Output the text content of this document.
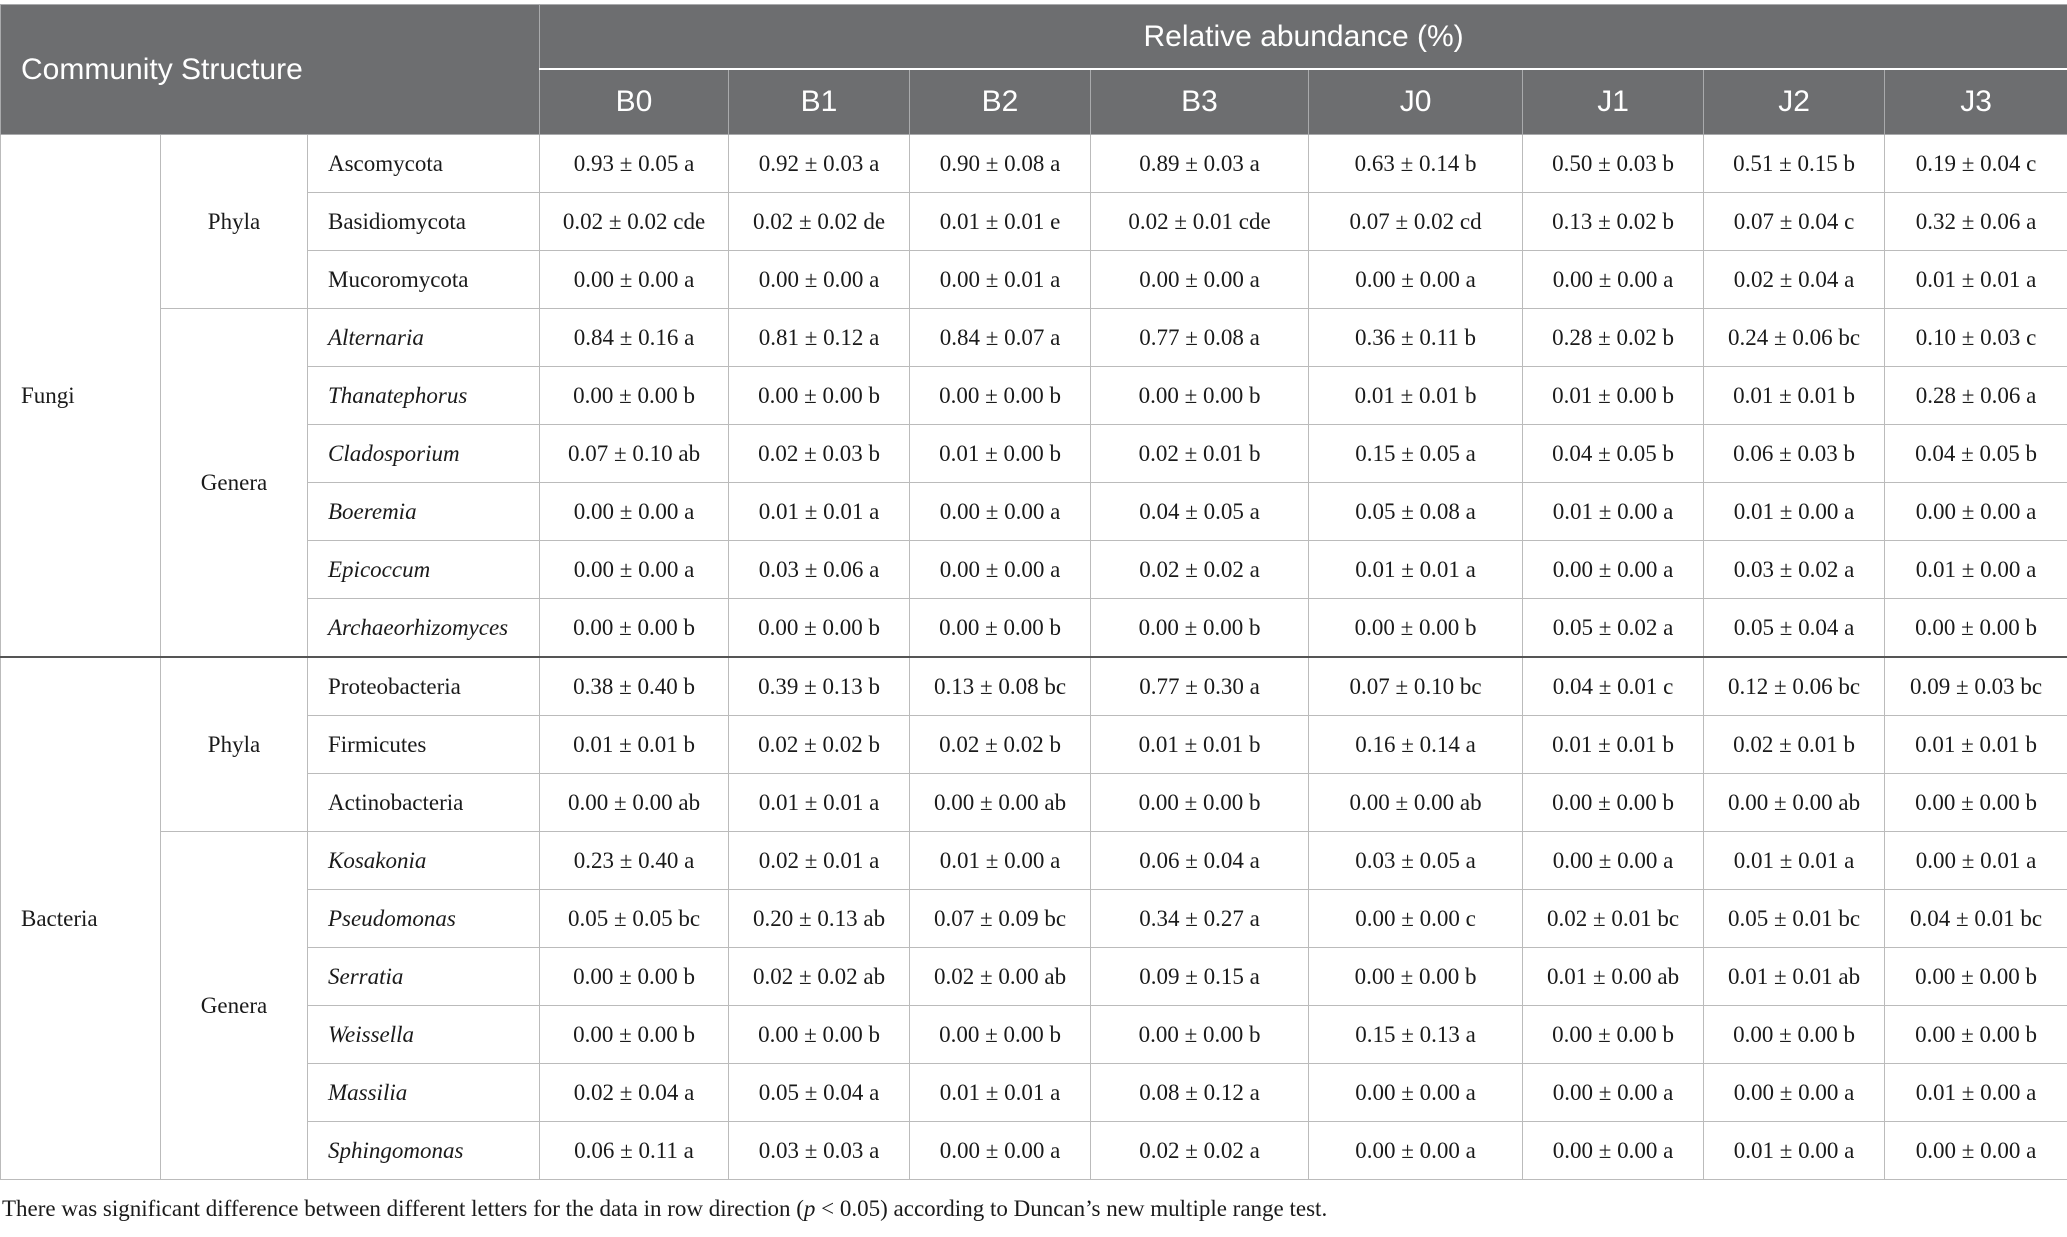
Community Structure			Relative abundance (%)							
			B0	B1	B2	B3	J0	J1	J2	J3
Fungi	Phyla	Ascomycota	0.93 ± 0.05 a	0.92 ± 0.03 a	0.90 ± 0.08 a	0.89 ± 0.03 a	0.63 ± 0.14 b	0.50 ± 0.03 b	0.51 ± 0.15 b	0.19 ± 0.04 c
		Basidiomycota	0.02 ± 0.02 cde	0.02 ± 0.02 de	0.01 ± 0.01 e	0.02 ± 0.01 cde	0.07 ± 0.02 cd	0.13 ± 0.02 b	0.07 ± 0.04 c	0.32 ± 0.06 a
		Mucoromycota	0.00 ± 0.00 a	0.00 ± 0.00 a	0.00 ± 0.01 a	0.00 ± 0.00 a	0.00 ± 0.00 a	0.00 ± 0.00 a	0.02 ± 0.04 a	0.01 ± 0.01 a
	Genera	Alternaria	0.84 ± 0.16 a	0.81 ± 0.12 a	0.84 ± 0.07 a	0.77 ± 0.08 a	0.36 ± 0.11 b	0.28 ± 0.02 b	0.24 ± 0.06 bc	0.10 ± 0.03 c
		Thanatephorus	0.00 ± 0.00 b	0.00 ± 0.00 b	0.00 ± 0.00 b	0.00 ± 0.00 b	0.01 ± 0.01 b	0.01 ± 0.00 b	0.01 ± 0.01 b	0.28 ± 0.06 a
		Cladosporium	0.07 ± 0.10 ab	0.02 ± 0.03 b	0.01 ± 0.00 b	0.02 ± 0.01 b	0.15 ± 0.05 a	0.04 ± 0.05 b	0.06 ± 0.03 b	0.04 ± 0.05 b
		Boeremia	0.00 ± 0.00 a	0.01 ± 0.01 a	0.00 ± 0.00 a	0.04 ± 0.05 a	0.05 ± 0.08 a	0.01 ± 0.00 a	0.01 ± 0.00 a	0.00 ± 0.00 a
		Epicoccum	0.00 ± 0.00 a	0.03 ± 0.06 a	0.00 ± 0.00 a	0.02 ± 0.02 a	0.01 ± 0.01 a	0.00 ± 0.00 a	0.03 ± 0.02 a	0.01 ± 0.00 a
		Archaeorhizomyces	0.00 ± 0.00 b	0.00 ± 0.00 b	0.00 ± 0.00 b	0.00 ± 0.00 b	0.00 ± 0.00 b	0.05 ± 0.02 a	0.05 ± 0.04 a	0.00 ± 0.00 b
Bacteria	Phyla	Proteobacteria	0.38 ± 0.40 b	0.39 ± 0.13 b	0.13 ± 0.08 bc	0.77 ± 0.30 a	0.07 ± 0.10 bc	0.04 ± 0.01 c	0.12 ± 0.06 bc	0.09 ± 0.03 bc
		Firmicutes	0.01 ± 0.01 b	0.02 ± 0.02 b	0.02 ± 0.02 b	0.01 ± 0.01 b	0.16 ± 0.14 a	0.01 ± 0.01 b	0.02 ± 0.01 b	0.01 ± 0.01 b
		Actinobacteria	0.00 ± 0.00 ab	0.01 ± 0.01 a	0.00 ± 0.00 ab	0.00 ± 0.00 b	0.00 ± 0.00 ab	0.00 ± 0.00 b	0.00 ± 0.00 ab	0.00 ± 0.00 b
	Genera	Kosakonia	0.23 ± 0.40 a	0.02 ± 0.01 a	0.01 ± 0.00 a	0.06 ± 0.04 a	0.03 ± 0.05 a	0.00 ± 0.00 a	0.01 ± 0.01 a	0.00 ± 0.01 a
		Pseudomonas	0.05 ± 0.05 bc	0.20 ± 0.13 ab	0.07 ± 0.09 bc	0.34 ± 0.27 a	0.00 ± 0.00 c	0.02 ± 0.01 bc	0.05 ± 0.01 bc	0.04 ± 0.01 bc
		Serratia	0.00 ± 0.00 b	0.02 ± 0.02 ab	0.02 ± 0.00 ab	0.09 ± 0.15 a	0.00 ± 0.00 b	0.01 ± 0.00 ab	0.01 ± 0.01 ab	0.00 ± 0.00 b
		Weissella	0.00 ± 0.00 b	0.00 ± 0.00 b	0.00 ± 0.00 b	0.00 ± 0.00 b	0.15 ± 0.13 a	0.00 ± 0.00 b	0.00 ± 0.00 b	0.00 ± 0.00 b
		Massilia	0.02 ± 0.04 a	0.05 ± 0.04 a	0.01 ± 0.01 a	0.08 ± 0.12 a	0.00 ± 0.00 a	0.00 ± 0.00 a	0.00 ± 0.00 a	0.01 ± 0.00 a
		Sphingomonas	0.06 ± 0.11 a	0.03 ± 0.03 a	0.00 ± 0.00 a	0.02 ± 0.02 a	0.00 ± 0.00 a	0.00 ± 0.00 a	0.01 ± 0.00 a	0.00 ± 0.00 a
There was significant difference between different letters for the data in row direction (p < 0.05) according to Duncan’s new multiple range test.
